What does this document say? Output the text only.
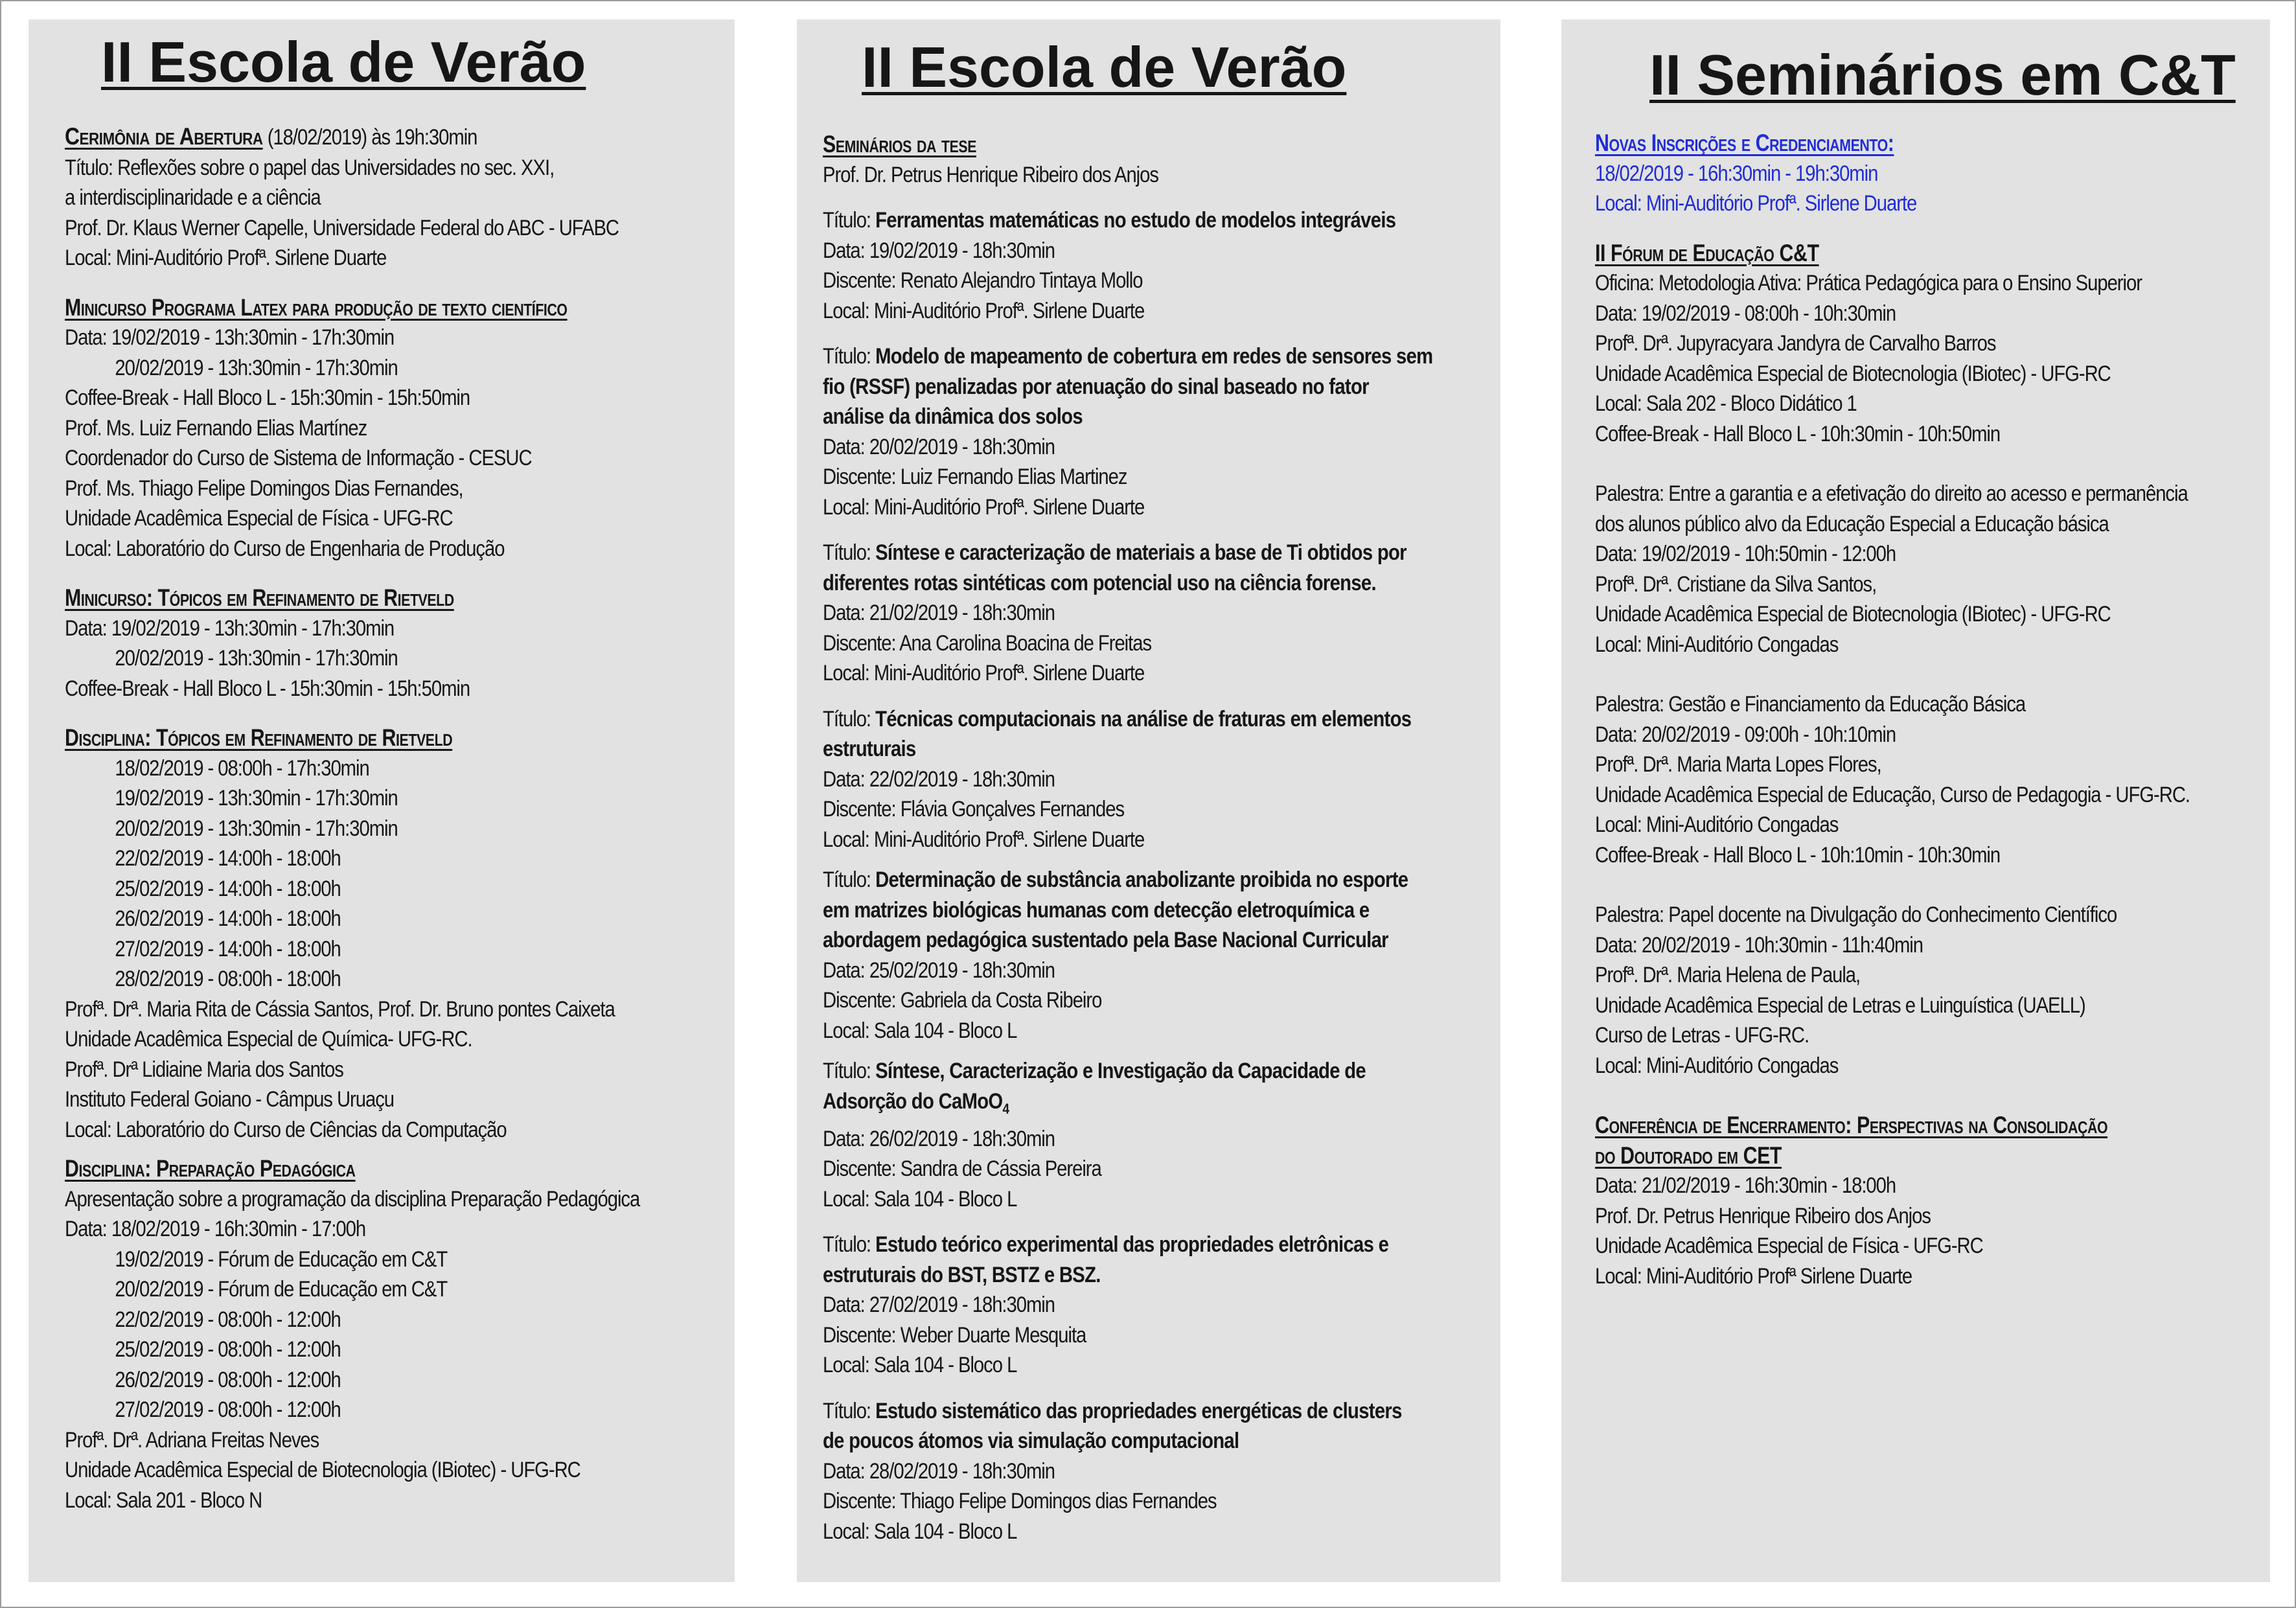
II Escola de Verão
Cerimônia de Abertura (18/02/2019) às 19h:30min
Título: Reflexões sobre o papel das Universidades no sec. XXI,
a interdisciplinaridade e a ciência
Prof. Dr. Klaus Werner Capelle, Universidade Federal do ABC - UFABC
Local: Mini-Auditório Profª. Sirlene Duarte
Minicurso Programa Latex para produção de texto científico
Data: 19/02/2019 - 13h:30min - 17h:30min
20/02/2019 - 13h:30min - 17h:30min
Coffee-Break - Hall Bloco L - 15h:30min - 15h:50min
Prof. Ms. Luiz Fernando Elias Martínez
Coordenador do Curso de Sistema de Informação - CESUC
Prof. Ms. Thiago Felipe Domingos Dias Fernandes,
Unidade Acadêmica Especial de Física - UFG-RC
Local: Laboratório do Curso de Engenharia de Produção
Minicurso: Tópicos em Refinamento de Rietveld
Data: 19/02/2019 - 13h:30min - 17h:30min
20/02/2019 - 13h:30min - 17h:30min
Coffee-Break - Hall Bloco L - 15h:30min - 15h:50min
Disciplina: Tópicos em Refinamento de Rietveld
18/02/2019 - 08:00h - 17h:30min
19/02/2019 - 13h:30min - 17h:30min
20/02/2019 - 13h:30min - 17h:30min
22/02/2019 - 14:00h - 18:00h
25/02/2019 - 14:00h - 18:00h
26/02/2019 - 14:00h - 18:00h
27/02/2019 - 14:00h - 18:00h
28/02/2019 - 08:00h - 18:00h
Profª. Drª. Maria Rita de Cássia Santos, Prof. Dr. Bruno pontes Caixeta
Unidade Acadêmica Especial de Química- UFG-RC.
Profª. Drª Lidiaine Maria dos Santos
Instituto Federal Goiano - Câmpus Uruaçu
Local: Laboratório do Curso de Ciências da Computação
Disciplina: Preparação Pedagógica
Apresentação sobre a programação da disciplina Preparação Pedagógica
Data: 18/02/2019 - 16h:30min - 17:00h
19/02/2019 - Fórum de Educação em C&T
20/02/2019 - Fórum de Educação em C&T
22/02/2019 - 08:00h - 12:00h
25/02/2019 - 08:00h - 12:00h
26/02/2019 - 08:00h - 12:00h
27/02/2019 - 08:00h - 12:00h
Profª. Drª. Adriana Freitas Neves
Unidade Acadêmica Especial de Biotecnologia (IBiotec) - UFG-RC
Local: Sala 201 - Bloco N
II Escola de Verão
Seminários da tese
Prof. Dr. Petrus Henrique Ribeiro dos Anjos
Título: Ferramentas matemáticas no estudo de modelos integráveis
Data: 19/02/2019 - 18h:30min
Discente: Renato Alejandro Tintaya Mollo
Local: Mini-Auditório Profª. Sirlene Duarte
Título: Modelo de mapeamento de cobertura em redes de sensores sem
fio (RSSF) penalizadas por atenuação do sinal baseado no fator
análise da dinâmica dos solos
Data: 20/02/2019 - 18h:30min
Discente: Luiz Fernando Elias Martinez
Local: Mini-Auditório Profª. Sirlene Duarte
Título: Síntese e caracterização de materiais a base de Ti obtidos por
diferentes rotas sintéticas com potencial uso na ciência forense.
Data: 21/02/2019 - 18h:30min
Discente: Ana Carolina Boacina de Freitas
Local: Mini-Auditório Profª. Sirlene Duarte
Título: Técnicas computacionais na análise de fraturas em elementos
estruturais
Data: 22/02/2019 - 18h:30min
Discente: Flávia Gonçalves Fernandes
Local: Mini-Auditório Profª. Sirlene Duarte
Título: Determinação de substância anabolizante proibida no esporte
em matrizes biológicas humanas com detecção eletroquímica e
abordagem pedagógica sustentado pela Base Nacional Curricular
Data: 25/02/2019 - 18h:30min
Discente: Gabriela da Costa Ribeiro
Local: Sala 104 - Bloco L
Título: Síntese, Caracterização e Investigação da Capacidade de
Adsorção do CaMoO$_4$
Data: 26/02/2019 - 18h:30min
Discente: Sandra de Cássia Pereira
Local: Sala 104 - Bloco L
Título: Estudo teórico experimental das propriedades eletrônicas e
estruturais do BST, BSTZ e BSZ.
Data: 27/02/2019 - 18h:30min
Discente: Weber Duarte Mesquita
Local: Sala 104 - Bloco L
Título: Estudo sistemático das propriedades energéticas de clusters
de poucos átomos via simulação computacional
Data: 28/02/2019 - 18h:30min
Discente: Thiago Felipe Domingos dias Fernandes
Local: Sala 104 - Bloco L
II Seminários em C&T
Novas Inscrições e Credenciamento:
18/02/2019 - 16h:30min - 19h:30min
Local: Mini-Auditório Profª. Sirlene Duarte
II Fórum de Educação C&T
Oficina: Metodologia Ativa: Prática Pedagógica para o Ensino Superior
Data: 19/02/2019 - 08:00h - 10h:30min
Profª. Drª. Jupyracyara Jandyra de Carvalho Barros
Unidade Acadêmica Especial de Biotecnologia (IBiotec) - UFG-RC
Local: Sala 202 - Bloco Didático 1
Coffee-Break - Hall Bloco L - 10h:30min - 10h:50min
Palestra: Entre a garantia e a efetivação do direito ao acesso e permanência
dos alunos público alvo da Educação Especial a Educação básica
Data: 19/02/2019 - 10h:50min - 12:00h
Profª. Drª. Cristiane da Silva Santos,
Unidade Acadêmica Especial de Biotecnologia (IBiotec) - UFG-RC
Local: Mini-Auditório Congadas
Palestra: Gestão e Financiamento da Educação Básica
Data: 20/02/2019 - 09:00h - 10h:10min
Profª. Drª. Maria Marta Lopes Flores,
Unidade Acadêmica Especial de Educação, Curso de Pedagogia - UFG-RC.
Local: Mini-Auditório Congadas
Coffee-Break - Hall Bloco L - 10h:10min - 10h:30min
Palestra: Papel docente na Divulgação do Conhecimento Científico
Data: 20/02/2019 - 10h:30min - 11h:40min
Profª. Drª. Maria Helena de Paula,
Unidade Acadêmica Especial de Letras e Luinguística (UAELL)
Curso de Letras - UFG-RC.
Local: Mini-Auditório Congadas
Conferência de Encerramento: Perspectivas na Consolidação
do Doutorado em CET
Data: 21/02/2019 - 16h:30min - 18:00h
Prof. Dr. Petrus Henrique Ribeiro dos Anjos
Unidade Acadêmica Especial de Física - UFG-RC
Local: Mini-Auditório Profª Sirlene Duarte
